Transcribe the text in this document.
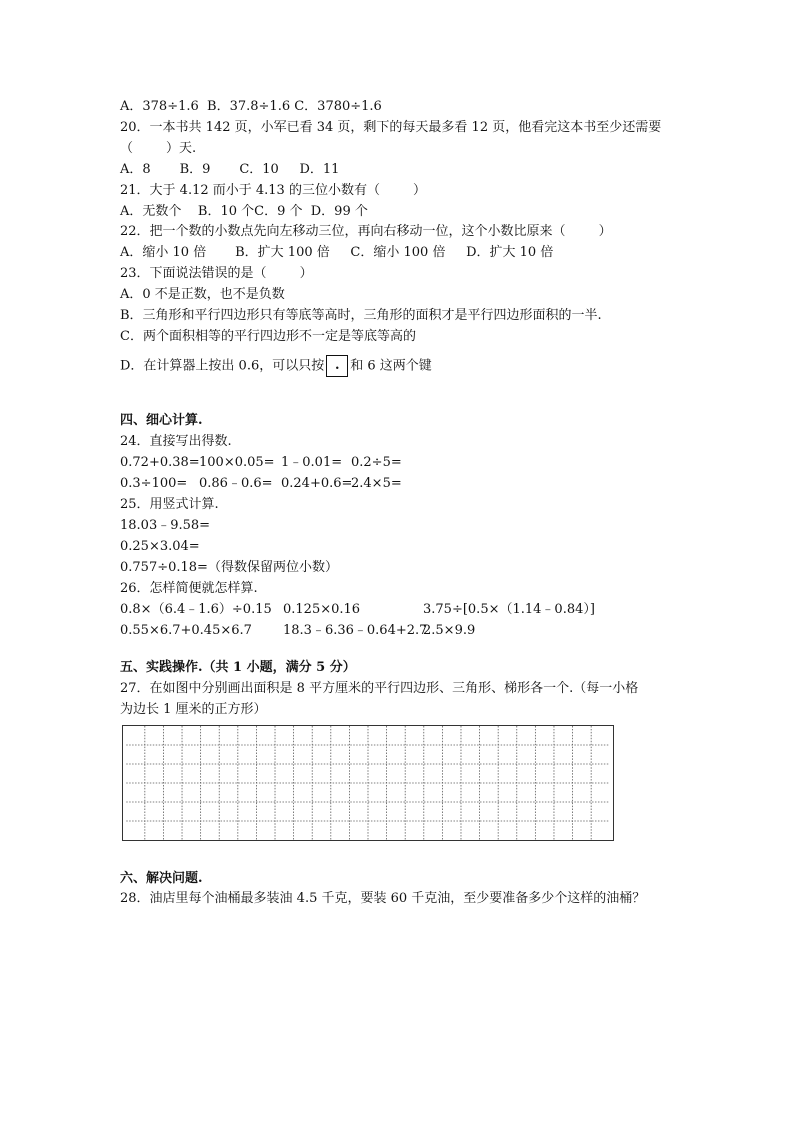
A．378÷1.6  B．37.8÷1.6 C．3780÷1.6
20．一本书共 142 页，小军已看 34 页，剩下的每天最多看 12 页，他看完这本书至少还需要
（        ）天.
A．8       B．9       C．10     D．11
21．大于 4.12 而小于 4.13 的三位小数有（        ）
A．无数个    B．10 个C．9 个  D．99 个
22．把一个数的小数点先向左移动三位，再向右移动一位，这个小数比原来（        ）
A．缩小 10 倍       B．扩大 100 倍     C．缩小 100 倍     D．扩大 10 倍
23．下面说法错误的是（        ）
A．0 不是正数，也不是负数
B．三角形和平行四边形只有等底等高时，三角形的面积才是平行四边形面积的一半.
C．两个面积相等的平行四边形不一定是等底等高的
D．在计算器上按出 0.6，可以只按 . 和 6 这两个键
四、细心计算.
24．直接写出得数.
0.72+0.38= 100×0.05= 1﹣0.01= 0.2÷5=
0.3÷100= 0.86﹣0.6= 0.24+0.6=
2.4×5=
25．用竖式计算.
18.03﹣9.58=
0.25×3.04=
0.757÷0.18=（得数保留两位小数）
26．怎样简便就怎样算.
0.8×（6.4﹣1.6）÷0.15 0.125×0.16	3.75÷[0.5×（1.14﹣0.84）]
0.55×6.7+0.45×6.7 18.3﹣6.36﹣0.64+2.7
2.5×9.9
五、实践操作.（共 1 小题，满分 5 分）
27．在如图中分别画出面积是 8 平方厘米的平行四边形、三角形、梯形各一个.（每一小格
为边长 1 厘米的正方形）
六、解决问题.
28．油店里每个油桶最多装油 4.5 千克，要装 60 千克油，至少要准备多少个这样的油桶？
